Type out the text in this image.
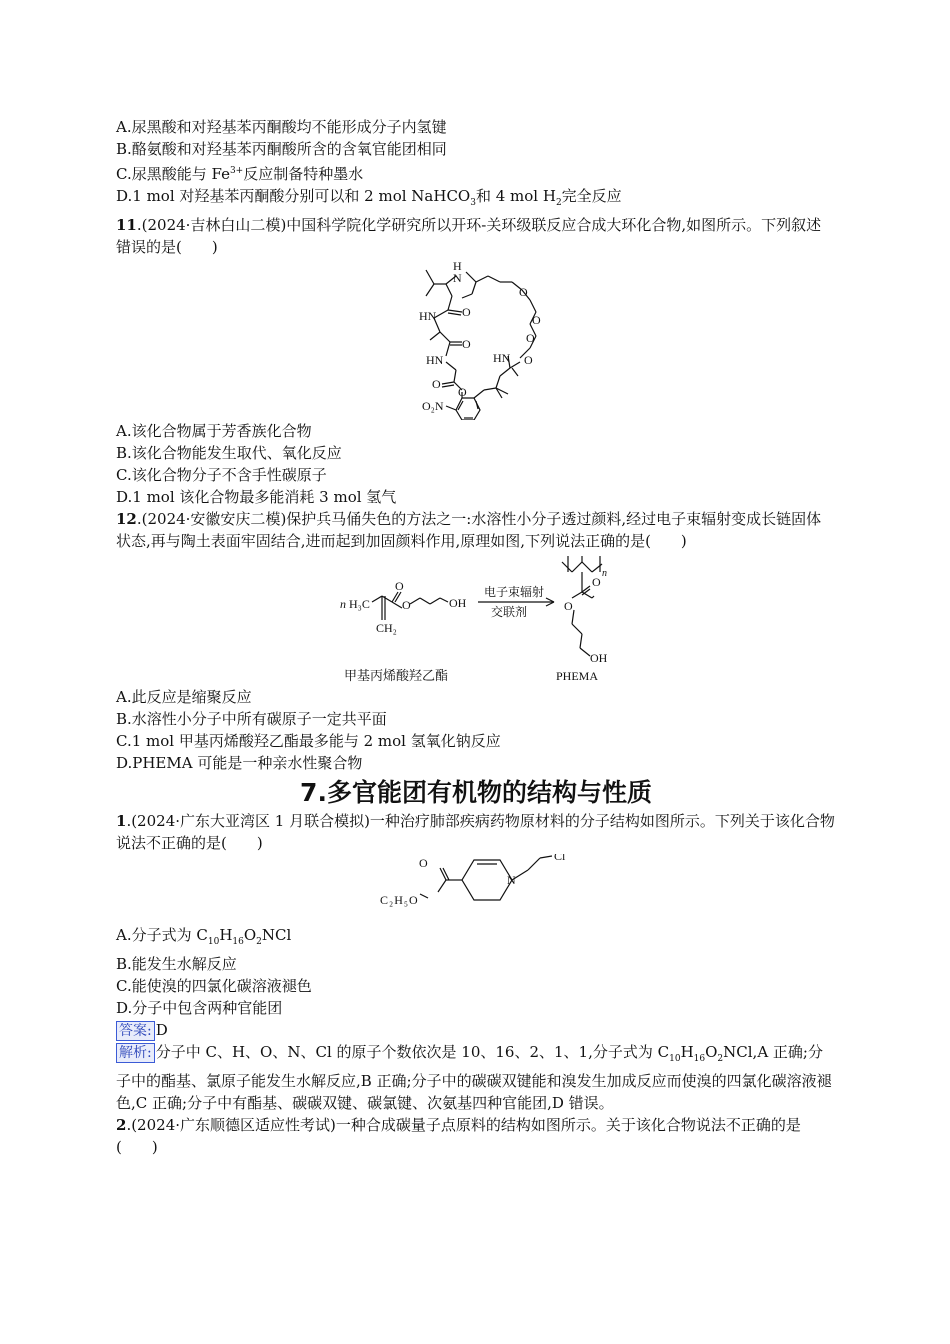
A.尿黑酸和对羟基苯丙酮酸均不能形成分子内氢键
B.酪氨酸和对羟基苯丙酮酸所含的含氧官能团相同
C.尿黑酸能与 $Fe^{3+}$反应制备特种墨水
D.1 mol 对羟基苯丙酮酸分别可以和 2 mol NaHCO$_3$和 4 mol $H_2$完全反应
11.(2024·吉林白山二模)中国科学院化学研究所以开环-关环级联反应合成大环化合物,如图所示。下列叙述错误的是(　　)
H
N
O
HN
O
HN
O
O
O₂N
O
O
O
HN O
A.该化合物属于芳香族化合物
B.该化合物能发生取代、氧化反应
C.该化合物分子不含手性碳原子
D.1 mol 该化合物最多能消耗 3 mol 氢气
12.(2024·安徽安庆二模)保护兵马俑失色的方法之一:水溶性小分子透过颜料,经过电子束辐射变成长链固体状态,再与陶土表面牢固结合,进而起到加固颜料作用,原理如图,下列说法正确的是(　　)
n H₃C
O
O	OH
CH₂
电子束辐射
交联剂
n
O
O
OH
甲基丙烯酸羟乙酯	PHEMA
A.此反应是缩聚反应
B.水溶性小分子中所有碳原子一定共平面
C.1 mol 甲基丙烯酸羟乙酯最多能与 2 mol 氢氧化钠反应
D.PHEMA 可能是一种亲水性聚合物
7.多官能团有机物的结构与性质
1.(2024·广东大亚湾区 1 月联合模拟)一种治疗肺部疾病药物原材料的分子结构如图所示。下列关于该化合物说法不正确的是(　　)
O	Cl
N
C₂H₅O
A.分子式为 $C_{10}H_{16}O_2NCl$
B.能发生水解反应
C.能使溴的四氯化碳溶液褪色
D.分子中包含两种官能团
答案: D
解析: 分子中 C、H、O、N、Cl 的原子个数依次是 10、16、2、1、1,分子式为 $C_{10}H_{16}O_2NCl,A$ 正确;分子中的酯基、氯原子能发生水解反应,B 正确;分子中的碳碳双键能和溴发生加成反应而使溴的四氯化碳溶液褪色,C 正确;分子中有酯基、碳碳双键、碳氯键、次氨基四种官能团,D 错误。
2.(2024·广东顺德区适应性考试)一种合成碳量子点原料的结构如图所示。关于该化合物说法不正确的是(　　)
